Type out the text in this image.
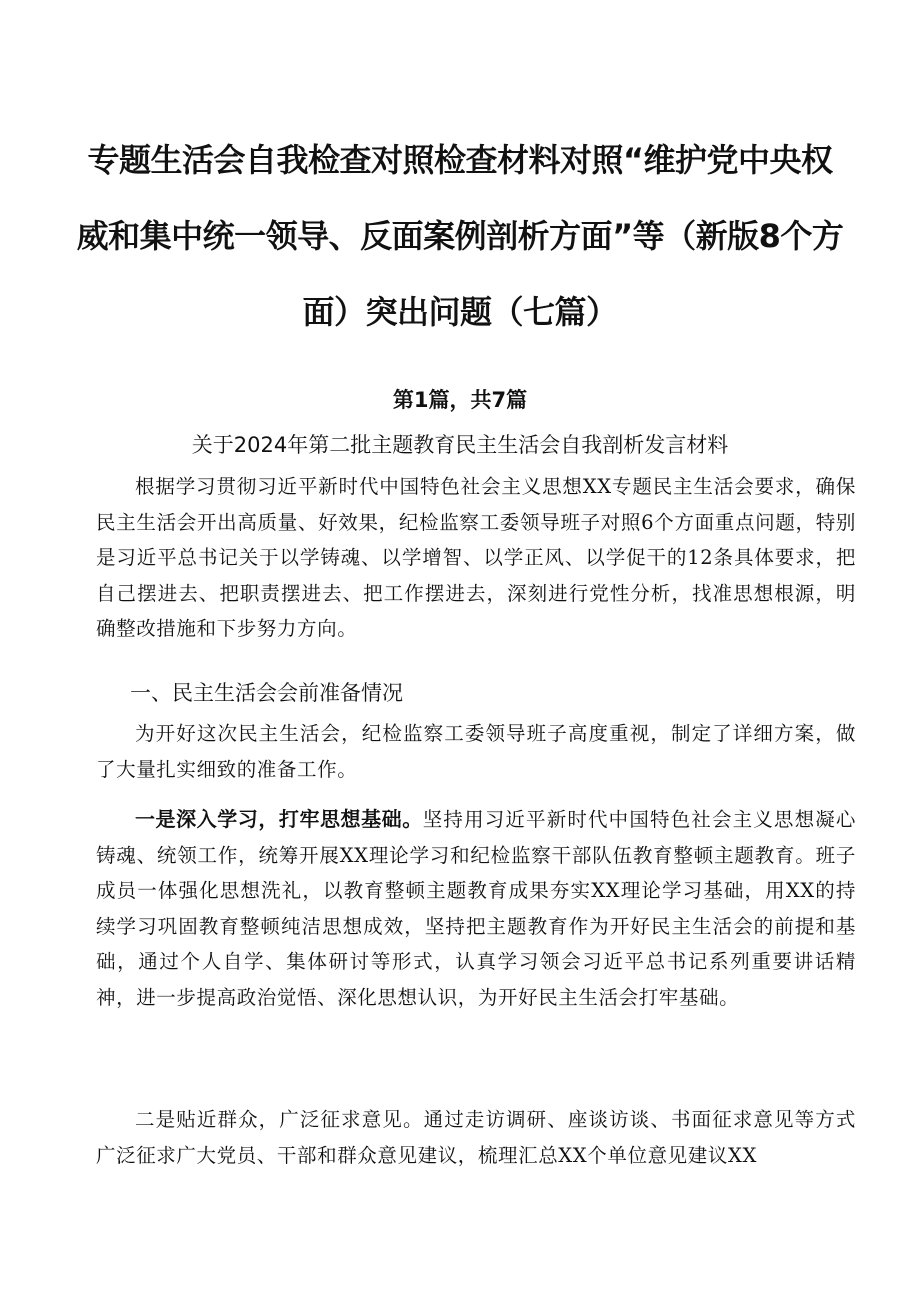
专题生活会自我检查对照检查材料对照“维护党中央权
威和集中统一领导、反面案例剖析方面”等（新版8个方
面）突出问题（七篇）
第1篇，共7篇
关于2024年第二批主题教育民主生活会自我剖析发言材料

根据学习贯彻习近平新时代中国特色社会主义思想XX专题民主生活会要求，确保民主生活会开出高质量、好效果，纪检监察工委领导班子对照6个方面重点问题，特别是习近平总书记关于以学铸魂、以学增智、以学正风、以学促干的12条具体要求，把自己摆进去、把职责摆进去、把工作摆进去，深刻进行党性分析，找准思想根源，明确整改措施和下步努力方向。

一、民主生活会会前准备情况

为开好这次民主生活会，纪检监察工委领导班子高度重视，制定了详细方案，做了大量扎实细致的准备工作。

一是深入学习，打牢思想基础。坚持用习近平新时代中国特色社会主义思想凝心铸魂、统领工作，统筹开展XX理论学习和纪检监察干部队伍教育整顿主题教育。班子成员一体强化思想洗礼，以教育整顿主题教育成果夯实XX理论学习基础，用XX的持续学习巩固教育整顿纯洁思想成效，坚持把主题教育作为开好民主生活会的前提和基础，通过个人自学、集体研讨等形式，认真学习领会习近平总书记系列重要讲话精神，进一步提高政治觉悟、深化思想认识，为开好民主生活会打牢基础。

二是贴近群众，广泛征求意见。通过走访调研、座谈访谈、书面征求意见等方式广泛征求广大党员、干部和群众意见建议，梳理汇总XX个单位意见建议XX
